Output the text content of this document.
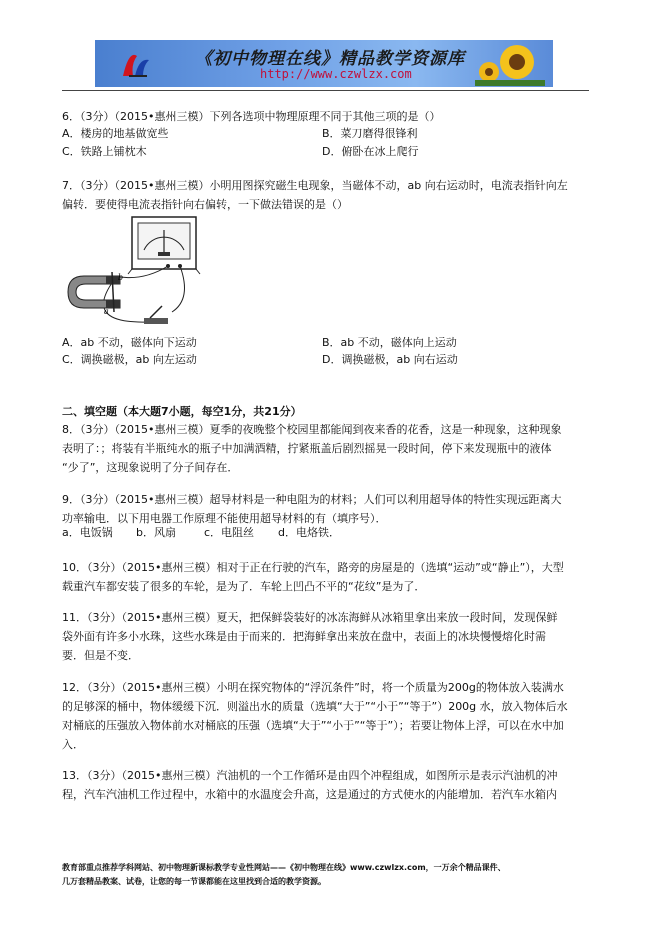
《初中物理在线》精品教学资源库
http://www.czwlzx.com

6．（3分）（2015•惠州三模）下列各选项中物理原理不同于其他三项的是（）

A．楼房的地基做宽些	B．菜刀磨得很锋利
C．铁路上铺枕木	D．俯卧在冰上爬行

7．（3分）（2015•惠州三模）小明用图探究磁生电现象，当磁体不动，ab 向右运动时，电流表指针向左

偏转．要使得电流表指针向右偏转，一下做法错误的是（）

b
a
A．ab 不动，磁体向下运动	B．ab 不动，磁体向上运动
C．调换磁极，ab 向左运动	D．调换磁极，ab 向右运动
二、填空题（本大题7小题，每空1分，共21分）

8．（3分）（2015•惠州三模）夏季的夜晚整个校园里都能闻到夜来香的花香，这是一种现象，这种现象

表明了：；将装有半瓶纯水的瓶子中加满酒精，拧紧瓶盖后剧烈摇晃一段时间，停下来发现瓶中的液体

“少了”，这现象说明了分子间存在．

9．（3分）（2015•惠州三模）超导材料是一种电阻为的材料；人们可以利用超导体的特性实现远距离大

功率输电．以下用电器工作原理不能使用超导材料的有（填序号）．

a．电饭锅 b．风扇	c．电阻丝 d．电烙铁．

10．（3分）（2015•惠州三模）相对于正在行驶的汽车，路旁的房屋是的（选填“运动”或“静止”），大型

载重汽车都安装了很多的车轮，是为了．车轮上凹凸不平的“花纹”是为了．

11．（3分）（2015•惠州三模）夏天，把保鲜袋装好的冰冻海鲜从冰箱里拿出来放一段时间，发现保鲜

袋外面有许多小水珠，这些水珠是由于而来的．把海鲜拿出来放在盘中，表面上的冰块慢慢熔化时需

要．但是不变．

12．（3分）（2015•惠州三模）小明在探究物体的“浮沉条件”时，将一个质量为200g的物体放入装满水

的足够深的桶中，物体缓缓下沉．则溢出水的质量（选填“大于”“小于”“等于”）200g 水，放入物体后水

对桶底的压强放入物体前水对桶底的压强（选填“大于”“小于”“等于”）；若要让物体上浮，可以在水中加

入．

13．（3分）（2015•惠州三模）汽油机的一个工作循环是由四个冲程组成，如图所示是表示汽油机的冲

程，汽车汽油机工作过程中，水箱中的水温度会升高，这是通过的方式使水的内能增加．若汽车水箱内

教育部重点推荐学科网站、初中物理新课标教学专业性网站——《初中物理在线》www.czwlzx.com，一万余个精品课件、
几万套精品教案、试卷，让您的每一节课都能在这里找到合适的教学资源。
